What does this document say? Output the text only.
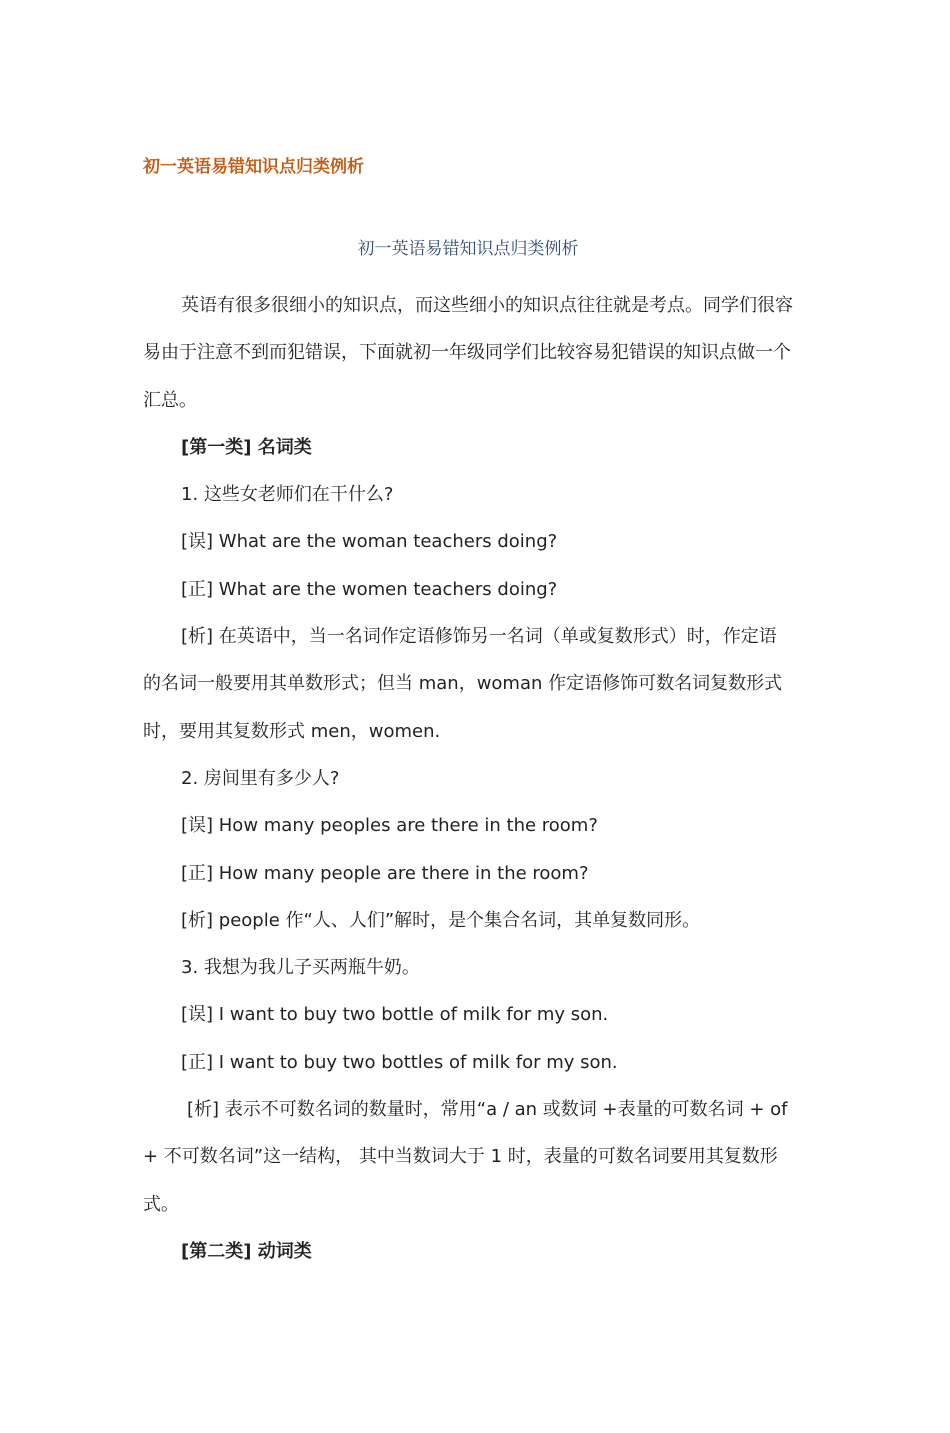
初一英语易错知识点归类例析
初一英语易错知识点归类例析

英语有很多很细小的知识点，而这些细小的知识点往往就是考点。同学们很容易由于注意不到而犯错误，下面就初一年级同学们比较容易犯错误的知识点做一个汇总。

[第一类] 名词类

1. 这些女老师们在干什么?

[误] What are the woman teachers doing?

[正] What are the women teachers doing?

[析] 在英语中，当一名词作定语修饰另一名词（单或复数形式）时，作定语的名词一般要用其单数形式；但当 man，woman 作定语修饰可数名词复数形式时，要用其复数形式 men，women.

2. 房间里有多少人?

[误] How many peoples are there in the room?

[正] How many people are there in the room?

[析] people 作“人、人们”解时，是个集合名词，其单复数同形。

3. 我想为我儿子买两瓶牛奶。

[误] I want to buy two bottle of milk for my son.

[正] I want to buy two bottles of milk for my son.

[析] 表示不可数名词的数量时，常用“a / an 或数词 +表量的可数名词 + of + 不可数名词”这一结构， 其中当数词大于 1 时，表量的可数名词要用其复数形式。

[第二类] 动词类
